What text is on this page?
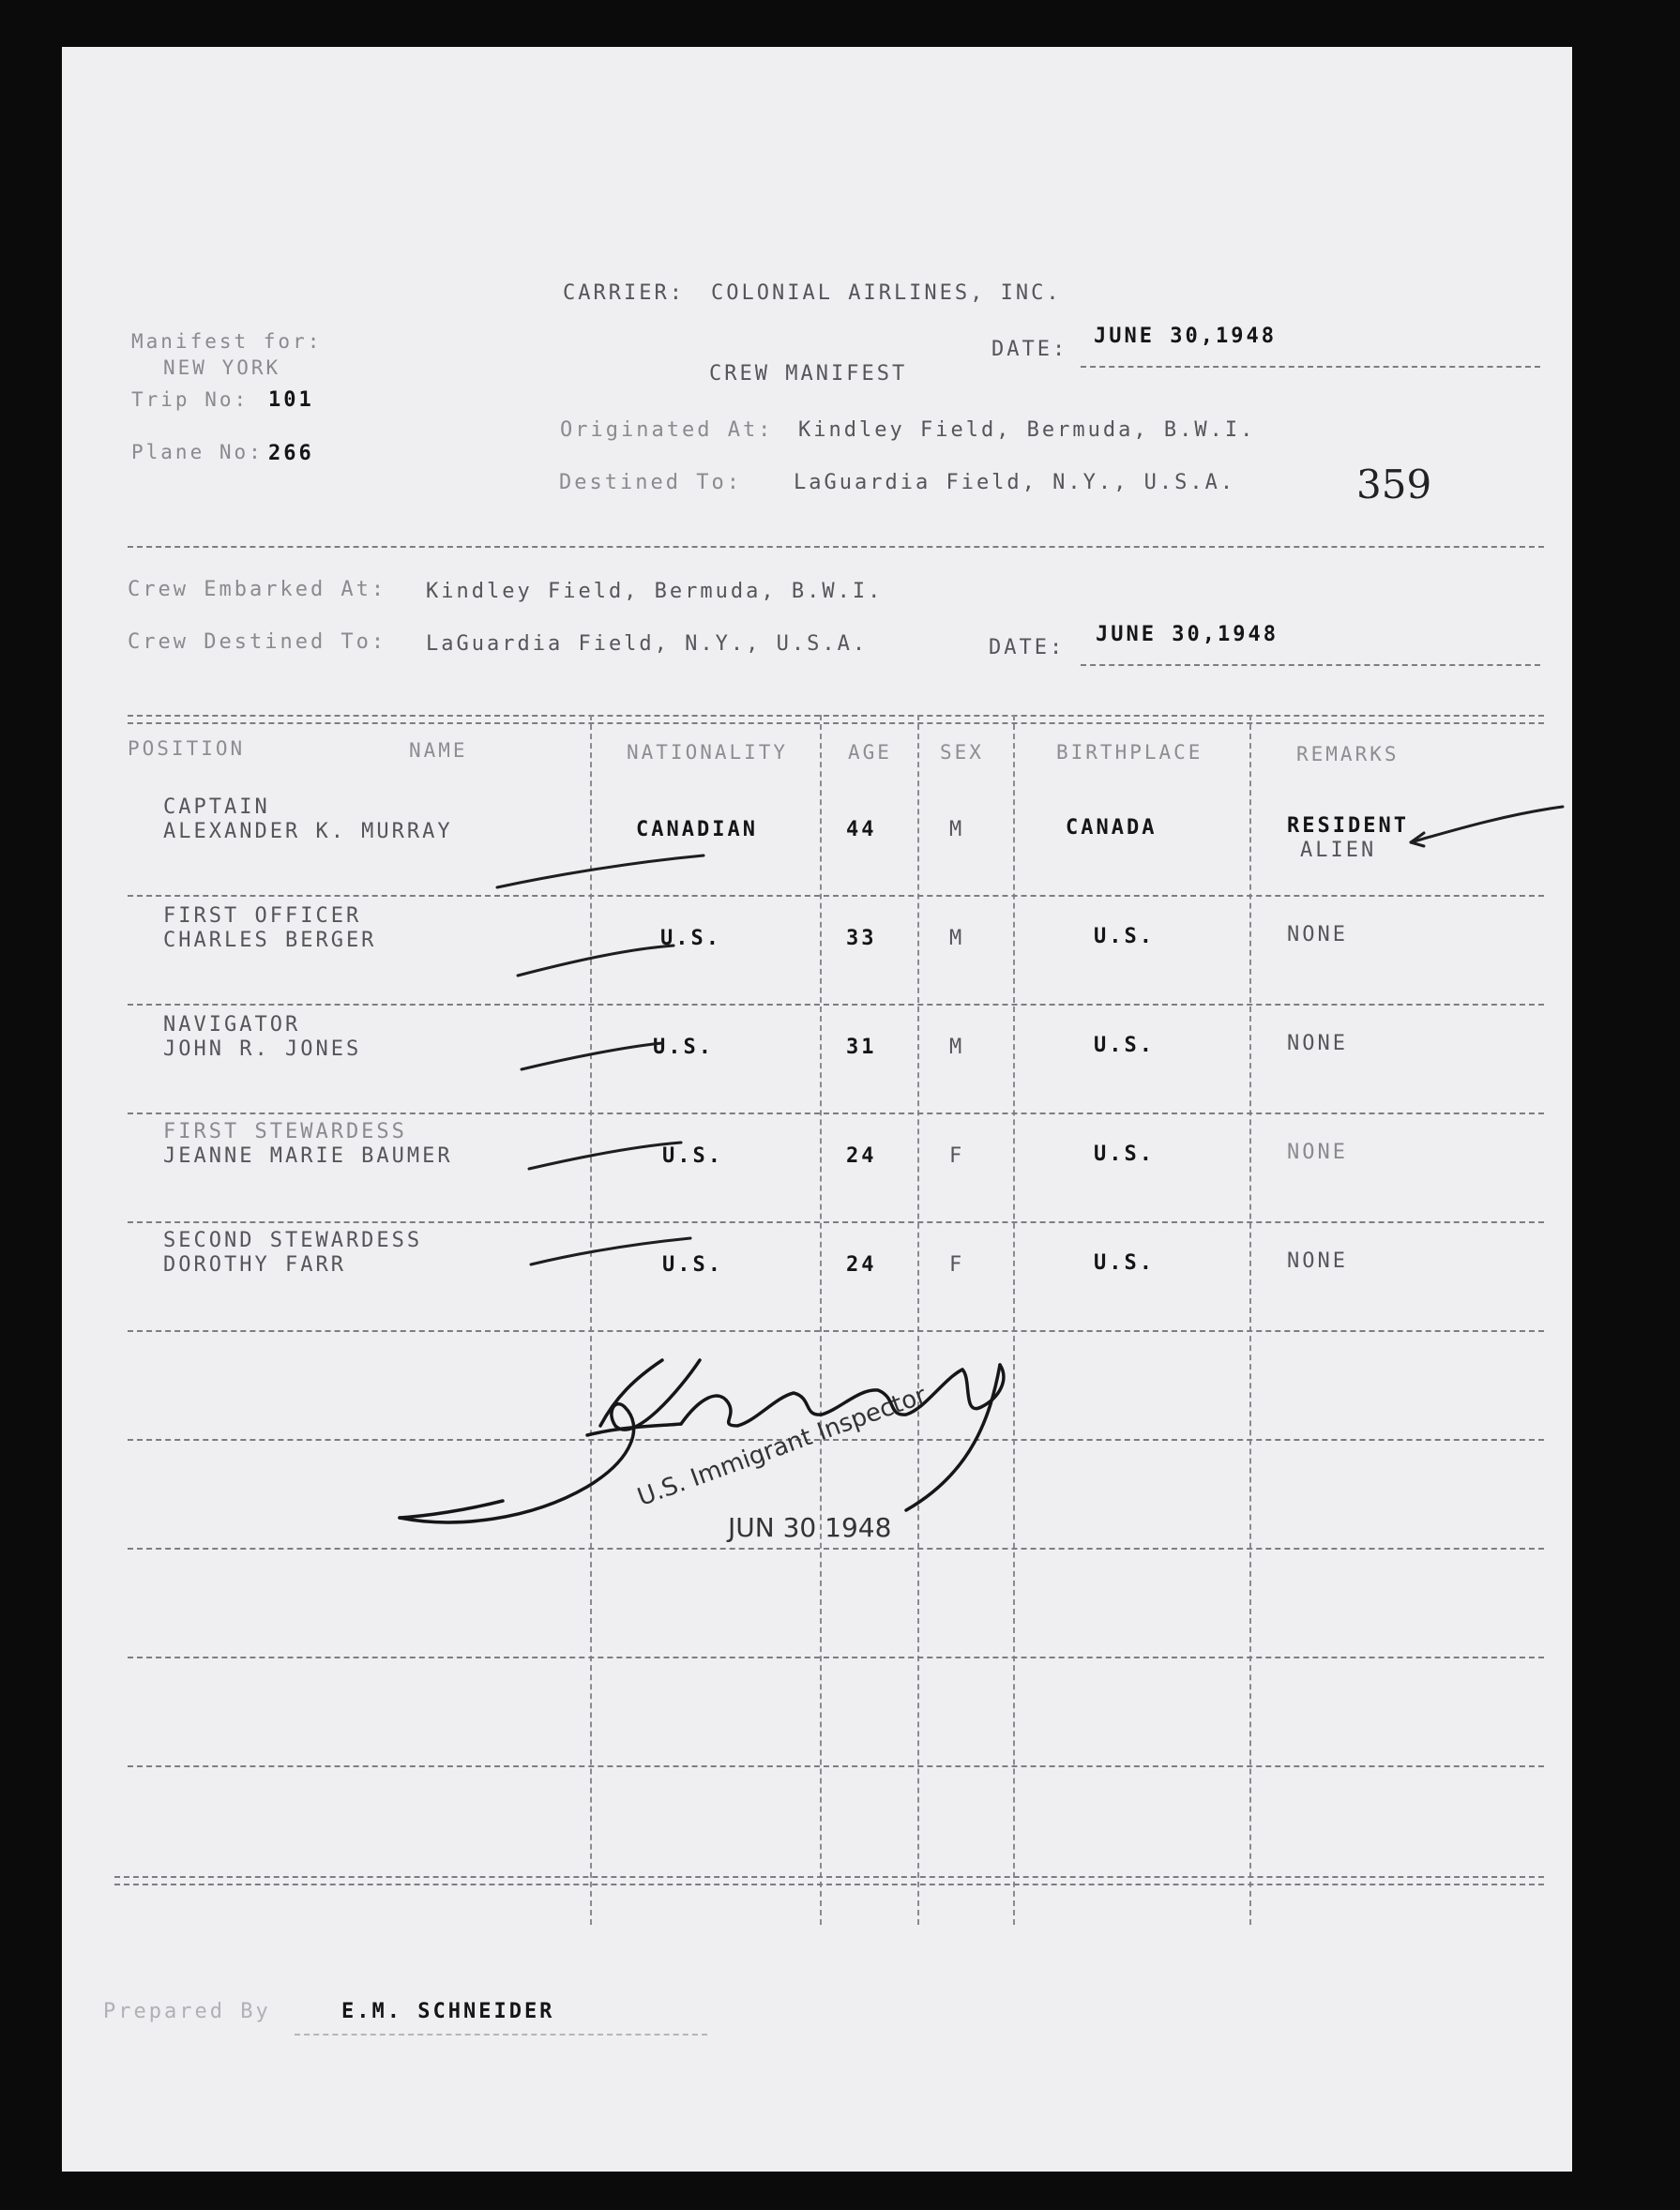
CARRIER: COLONIAL AIRLINES, INC.
Manifest for:
NEW YORK
Trip No: 101
Plane No: 266
DATE:
JUNE 30,1948
CREW MANIFEST
Originated At: Kindley Field, Bermuda, B.W.I.
Destined To:	LaGuardia Field, N.Y., U.S.A.	359
Crew Embarked At: Kindley Field, Bermuda, B.W.I.
Crew Destined To: LaGuardia Field, N.Y., U.S.A.	DATE:
JUNE 30,1948
POSITION	NAME	NATIONALITY	AGE SEX	BIRTHPLACE	REMARKS
CAPTAIN
ALEXANDER K. MURRAY	CANADIAN	44	M	CANADA	RESIDENT
ALIEN
FIRST OFFICER
CHARLES BERGER	U.S.	33	M	U.S.	NONE
NAVIGATOR
JOHN R. JONES	U.S.	31	M	U.S.	NONE
FIRST STEWARDESS
JEANNE MARIE BAUMER	U.S.	24	F	U.S.	NONE
SECOND STEWARDESS
DOROTHY FARR	U.S.	24	F	U.S.	NONE
U.S. Immigrant Inspector
JUN 30 1948
Prepared By	E.M. SCHNEIDER
